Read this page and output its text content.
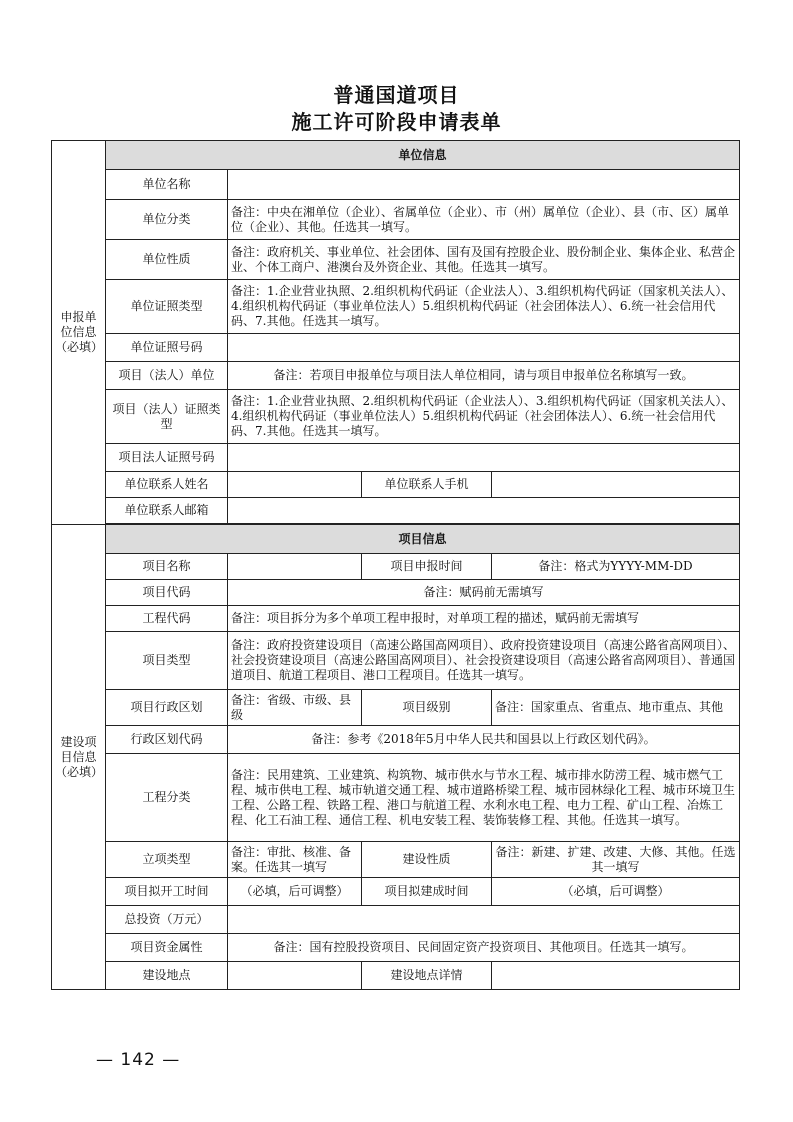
普通国道项目
施工许可阶段申请表单
申报单位信息（必填）	单位信息			
	单位名称			
	单位分类	备注：中央在湘单位（企业）、省属单位（企业）、市（州）属单位（企业）、县（市、区）属单位（企业）、其他。任选其一填写。		
	单位性质	备注：政府机关、事业单位、社会团体、国有及国有控股企业、股份制企业、集体企业、私营企业、个体工商户、港澳台及外资企业、其他。任选其一填写。		
	单位证照类型	备注：1.企业营业执照、2.组织机构代码证（企业法人）、3.组织机构代码证（国家机关法人）、4.组织机构代码证（事业单位法人）5.组织机构代码证（社会团体法人）、6.统一社会信用代码、7.其他。任选其一填写。		
	单位证照号码			
	项目（法人）单位	备注：若项目申报单位与项目法人单位相同，请与项目申报单位名称填写一致。		
	项目（法人）证照类型	备注：1.企业营业执照、2.组织机构代码证（企业法人）、3.组织机构代码证（国家机关法人）、4.组织机构代码证（事业单位法人）5.组织机构代码证（社会团体法人）、6.统一社会信用代码、7.其他。任选其一填写。		
	项目法人证照号码			
	单位联系人姓名		单位联系人手机	
	单位联系人邮箱			

建设项目信息（必填）	项目信息			
	项目名称		项目申报时间	备注：格式为YYYY-MM-DD
	项目代码	备注：赋码前无需填写		
	工程代码	备注：项目拆分为多个单项工程申报时，对单项工程的描述，赋码前无需填写		
	项目类型	备注：政府投资建设项目（高速公路国高网项目）、政府投资建设项目（高速公路省高网项目）、社会投资建设项目（高速公路国高网项目）、社会投资建设项目（高速公路省高网项目）、普通国道项目、航道工程项目、港口工程项目。任选其一填写。		
	项目行政区划	备注：省级、市级、县级	项目级别	备注：国家重点、省重点、地市重点、其他
	行政区划代码	备注：参考《2018年5月中华人民共和国县以上行政区划代码》。		
	工程分类	备注：民用建筑、工业建筑、构筑物、城市供水与节水工程、城市排水防涝工程、城市燃气工程、城市供电工程、城市轨道交通工程、城市道路桥梁工程、城市园林绿化工程、城市环境卫生工程、公路工程、铁路工程、港口与航道工程、水利水电工程、电力工程、矿山工程、冶炼工程、化工石油工程、通信工程、机电安装工程、装饰装修工程、其他。任选其一填写。		
	立项类型	备注：审批、核准、备案。任选其一填写	建设性质	备注：新建、扩建、改建、大修、其他。任选其一填写
	项目拟开工时间	（必填，后可调整）	项目拟建成时间	（必填，后可调整）
	总投资（万元）			
	项目资金属性	备注：国有控股投资项目、民间固定资产投资项目、其他项目。任选其一填写。		
	建设地点		建设地点详情	
— 142 —
